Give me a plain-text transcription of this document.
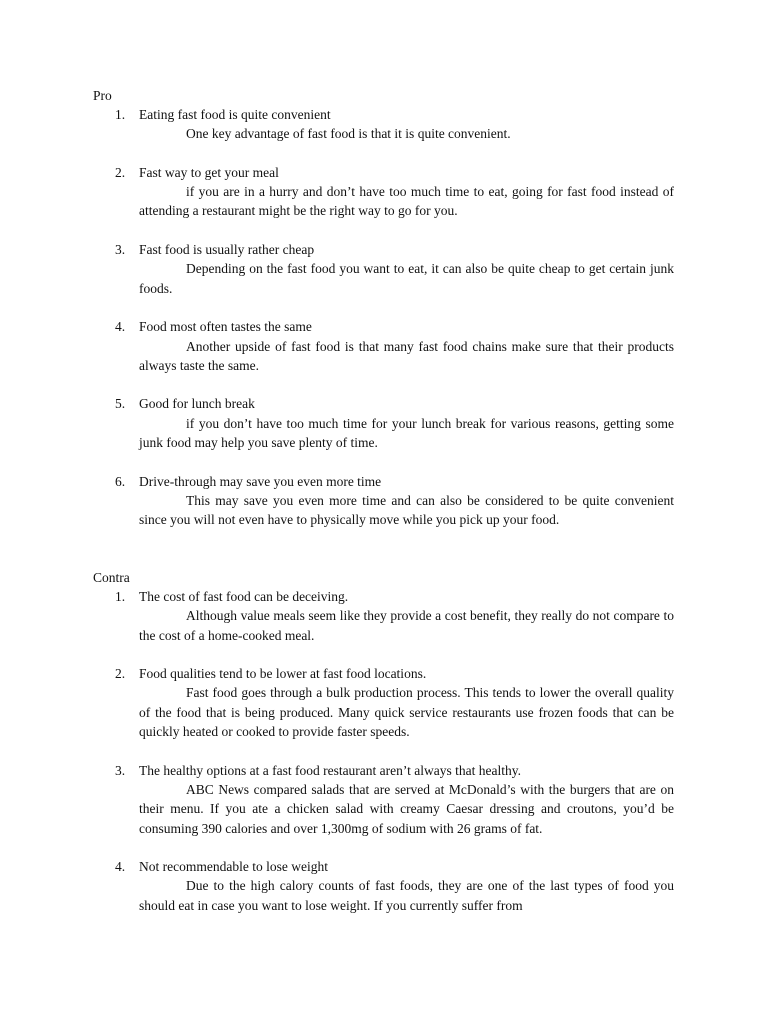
Pro
1. Eating fast food is quite convenient
One key advantage of fast food is that it is quite convenient.
2. Fast way to get your meal
if you are in a hurry and don’t have too much time to eat, going for fast food instead of attending a restaurant might be the right way to go for you.
3. Fast food is usually rather cheap
Depending on the fast food you want to eat, it can also be quite cheap to get certain junk foods.
4. Food most often tastes the same
Another upside of fast food is that many fast food chains make sure that their products always taste the same.
5. Good for lunch break
if you don’t have too much time for your lunch break for various reasons, getting some junk food may help you save plenty of time.
6. Drive-through may save you even more time
This may save you even more time and can also be considered to be quite convenient since you will not even have to physically move while you pick up your food.
Contra
1. The cost of fast food can be deceiving.
Although value meals seem like they provide a cost benefit, they really do not compare to the cost of a home-cooked meal.
2. Food qualities tend to be lower at fast food locations.
Fast food goes through a bulk production process. This tends to lower the overall quality of the food that is being produced. Many quick service restaurants use frozen foods that can be quickly heated or cooked to provide faster speeds.
3. The healthy options at a fast food restaurant aren’t always that healthy.
ABC News compared salads that are served at McDonald’s with the burgers that are on their menu. If you ate a chicken salad with creamy Caesar dressing and croutons, you’d be consuming 390 calories and over 1,300mg of sodium with 26 grams of fat.
4. Not recommendable to lose weight
Due to the high calory counts of fast foods, they are one of the last types of food you should eat in case you want to lose weight. If you currently suffer from
